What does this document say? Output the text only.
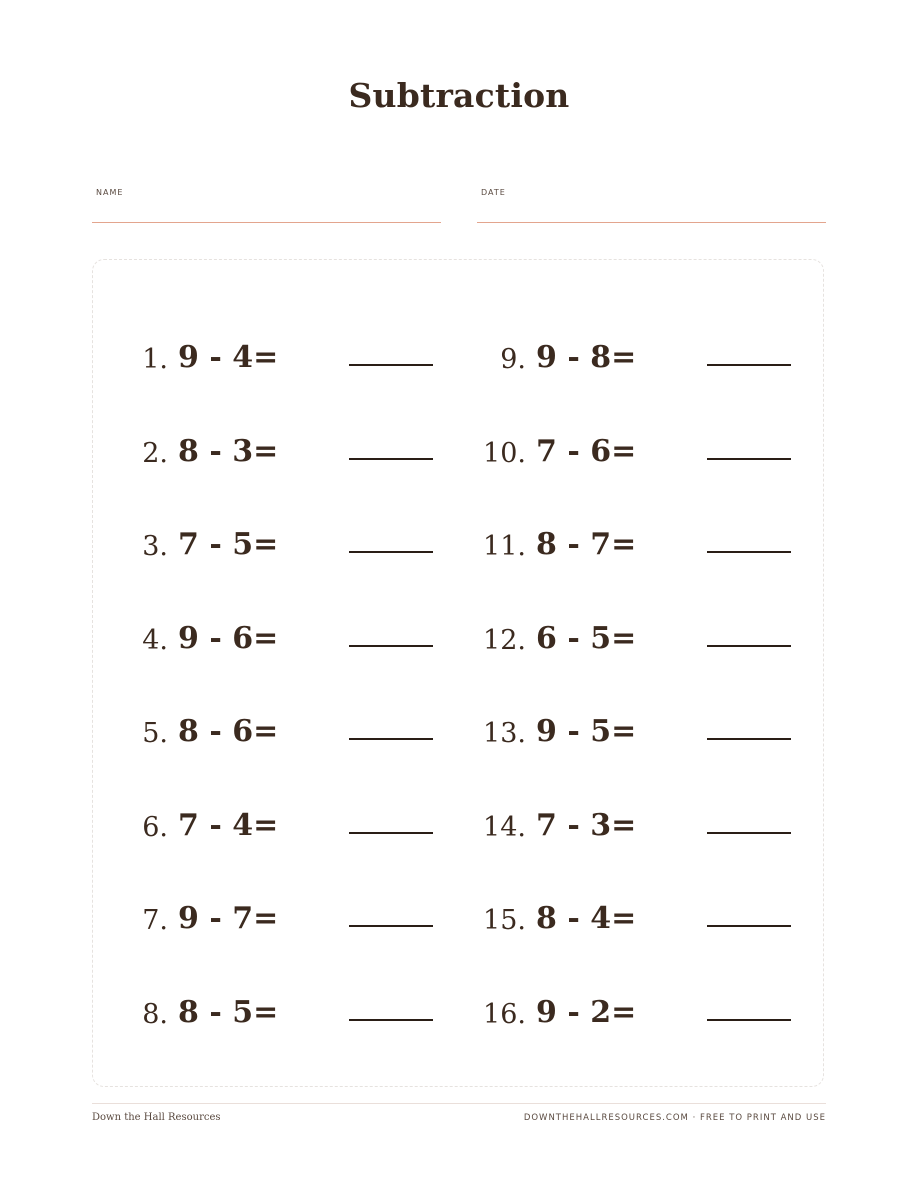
Subtraction
NAME	DATE
1. 9 - 4=
2. 8 - 3=
3. 7 - 5=
4. 9 - 6=
5. 8 - 6=
6. 7 - 4=
7. 9 - 7=
8. 8 - 5=
9. 9 - 8=
10. 7 - 6=
11. 8 - 7=
12. 6 - 5=
13. 9 - 5=
14. 7 - 3=
15. 8 - 4=
16. 9 - 2=
Down the Hall Resources	DOWNTHEHALLRESOURCES.COM · FREE TO PRINT AND USE
